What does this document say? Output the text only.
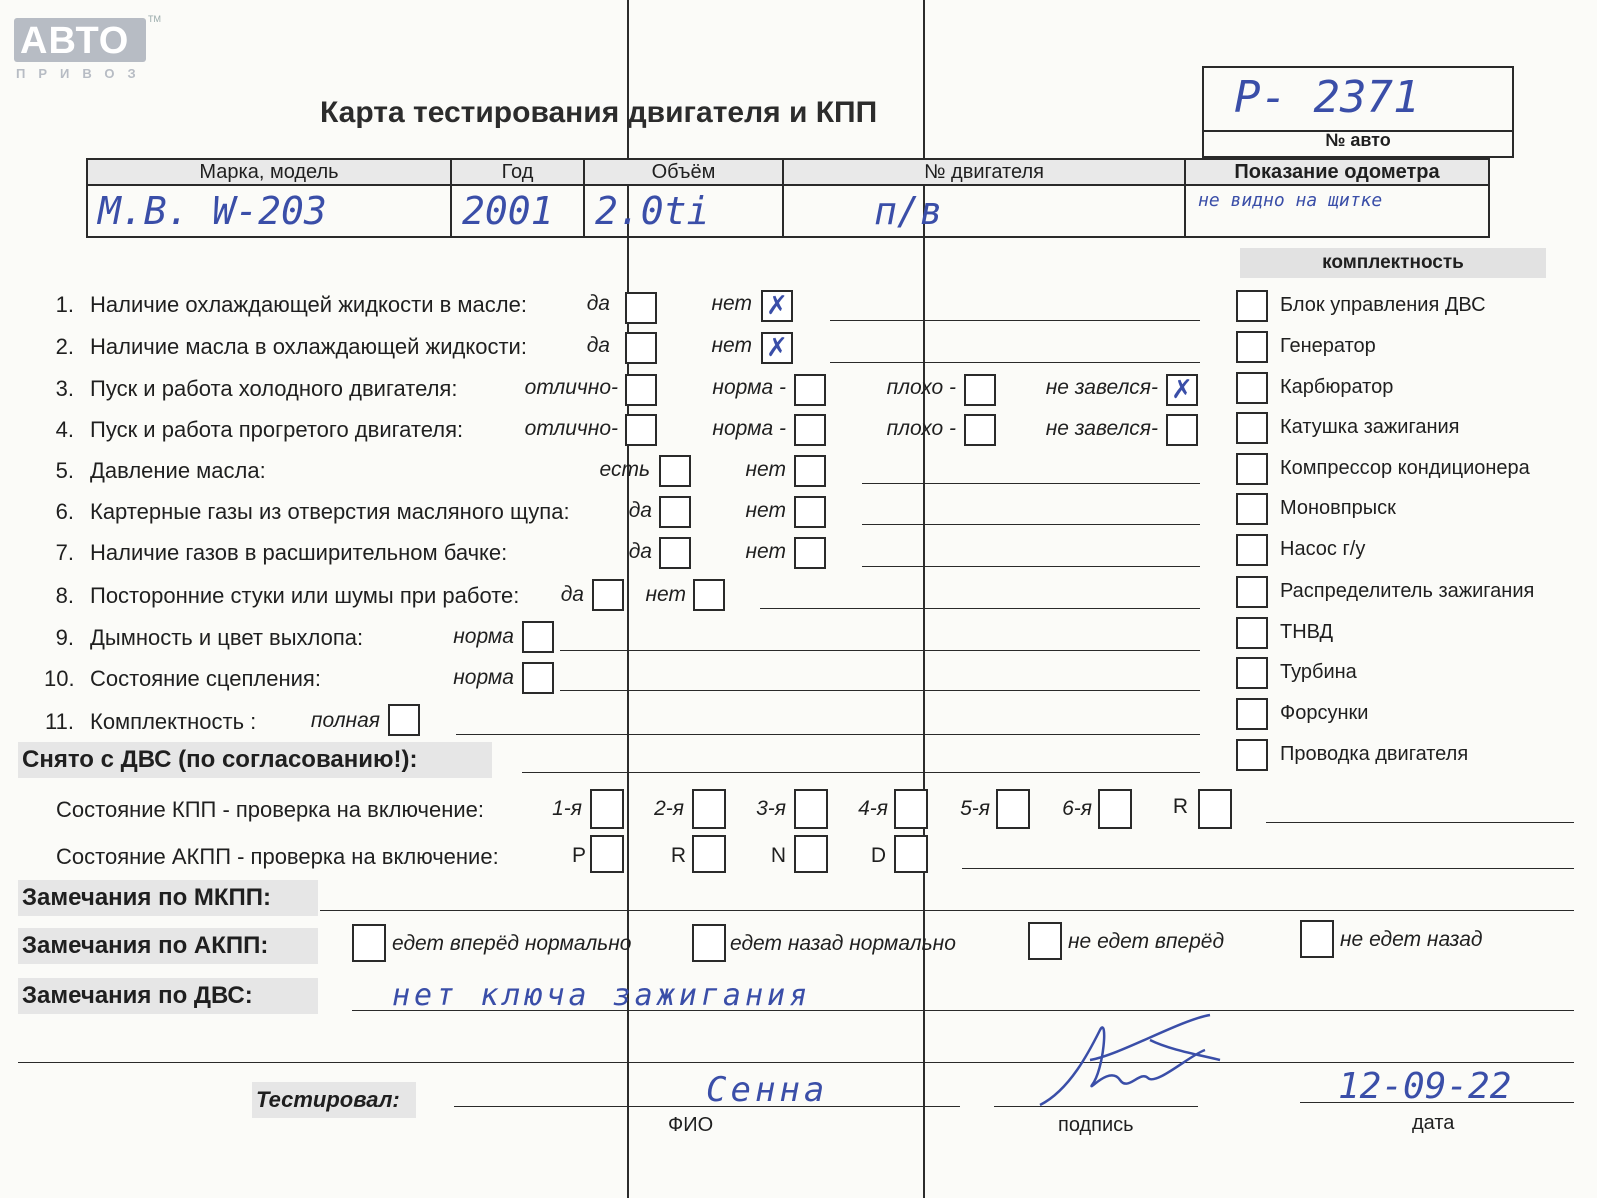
АВТО
ПРИВОЗ
TM
Карта тестирования двигателя и КПП	Р- 2371
№ авто
Марка, модель	Год	Объём	№ двигателя	Показание одометра
M.B. W-203	2001	2.0ti	п/в	не видно на щитке
комплектность
1. Наличие охлаждающей жидкости в масле:	да	нет ✗
2. Наличие масла в охлаждающей жидкости:	да	нет ✗
3. Пуск и работа холодного двигателя:	отлично-	норма -	плохо -	не завелся- ✗
4. Пуск и работа прогретого двигателя:	отлично-	норма -	плохо -	не завелся-
5. Давление масла:	есть	нет
6. Картерные газы из отверстия масляного щупа:	да	нет
7. Наличие газов в расширительном бачке:	да	нет
8. Посторонние стуки или шумы при работе:	да	нет
9. Дымность и цвет выхлопа:	норма
10. Состояние сцепления:	норма
11. Комплектность :	полная
Блок управления ДВС
Генератор
Карбюратор
Катушка зажигания
Компрессор кондиционера
Моновпрыск
Насос г/у
Распределитель зажигания
ТНВД
Турбина
Форсунки
Проводка двигателя
Снято с ДВС (по согласованию!):
Состояние КПП - проверка на включение:	1-я	2-я	3-я	4-я	5-я	6-я	R
Состояние АКПП - проверка на включение:	P	R	N	D
Замечания по МКПП:
Замечания по АКПП:	едет вперёд нормально	едет назад нормально	не едет вперёд	не едет назад
Замечания по ДВС:	нет ключа зажигания
Тестировал:	Сенна
ФИО	подпись
12-09-22
дата
